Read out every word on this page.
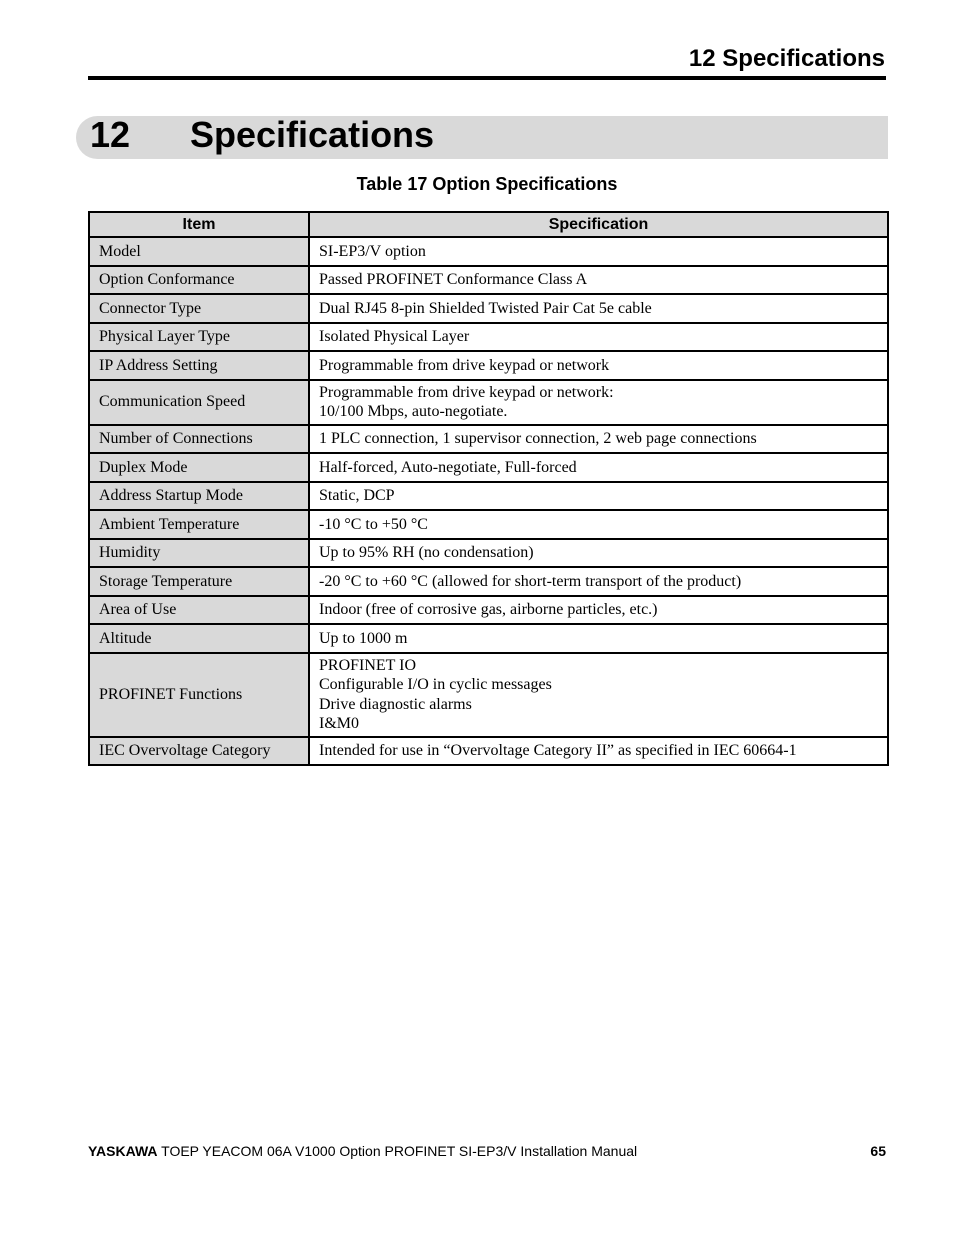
12 Specifications
12 Specifications
Table 17 Option Specifications
Item	Specification
Model	SI-EP3/V option

Option Conformance	Passed PROFINET Conformance Class A

Connector Type	Dual RJ45 8-pin Shielded Twisted Pair Cat 5e cable

Physical Layer Type	Isolated Physical Layer

IP Address Setting	Programmable from drive keypad or network

Communication Speed	Programmable from drive keypad or network:
10/100 Mbps, auto-negotiate.

Number of Connections	1 PLC connection, 1 supervisor connection, 2 web page connections

Duplex Mode	Half-forced, Auto-negotiate, Full-forced

Address Startup Mode	Static, DCP

Ambient Temperature	-10 °C to +50 °C

Humidity	Up to 95% RH (no condensation)

Storage Temperature	-20 °C to +60 °C (allowed for short-term transport of the product)

Area of Use	Indoor (free of corrosive gas, airborne particles, etc.)

Altitude	Up to 1000 m

PROFINET Functions	PROFINET IO
Configurable I/O in cyclic messages
Drive diagnostic alarms
I&M0

IEC Overvoltage Category	Intended for use in “Overvoltage Category II” as specified in IEC 60664-1
YASKAWA TOEP YEACOM 06A V1000 Option PROFINET SI-EP3/V Installation Manual	65
